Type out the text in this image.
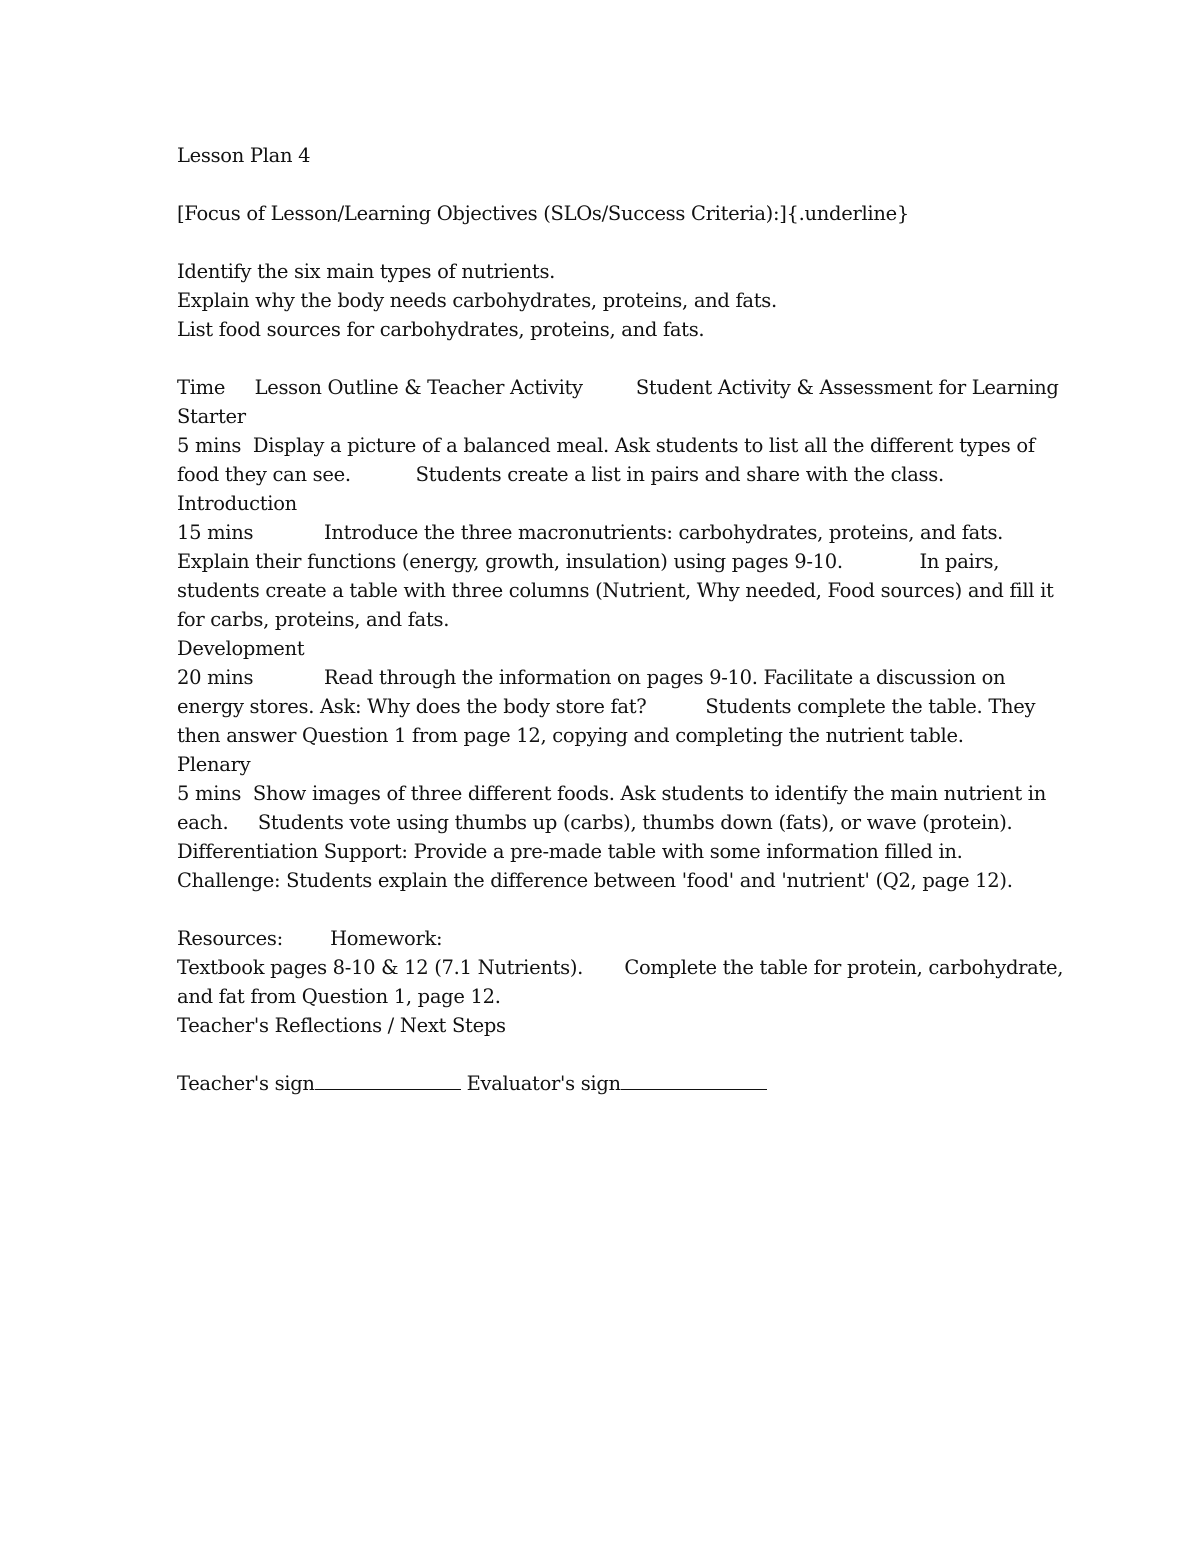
Lesson Plan 4
[Focus of Lesson/Learning Objectives (SLOs/Success Criteria):]{.underline}
Identify the six main types of nutrients.
Explain why the body needs carbohydrates, proteins, and fats.
List food sources for carbohydrates, proteins, and fats.
Time Lesson Outline & Teacher Activity	Student Activity & Assessment for Learning
Starter
5 mins Display a picture of a balanced meal. Ask students to list all the different types of
food they can see.	Students create a list in pairs and share with the class.
Introduction
15 mins	Introduce the three macronutrients: carbohydrates, proteins, and fats.
Explain their functions (energy, growth, insulation) using pages 9-10.	In pairs,
students create a table with three columns (Nutrient, Why needed, Food sources) and fill it
for carbs, proteins, and fats.
Development
20 mins	Read through the information on pages 9-10. Facilitate a discussion on
energy stores. Ask: Why does the body store fat?	Students complete the table. They
then answer Question 1 from page 12, copying and completing the nutrient table.
Plenary
5 mins Show images of three different foods. Ask students to identify the main nutrient in
each. Students vote using thumbs up (carbs), thumbs down (fats), or wave (protein).
Differentiation Support: Provide a pre-made table with some information filled in.
Challenge: Students explain the difference between 'food' and 'nutrient' (Q2, page 12).
Resources: Homework:
Textbook pages 8-10 & 12 (7.1 Nutrients). Complete the table for protein, carbohydrate,
and fat from Question 1, page 12.
Teacher's Reflections / Next Steps
Teacher's sign	Evaluator's sign
